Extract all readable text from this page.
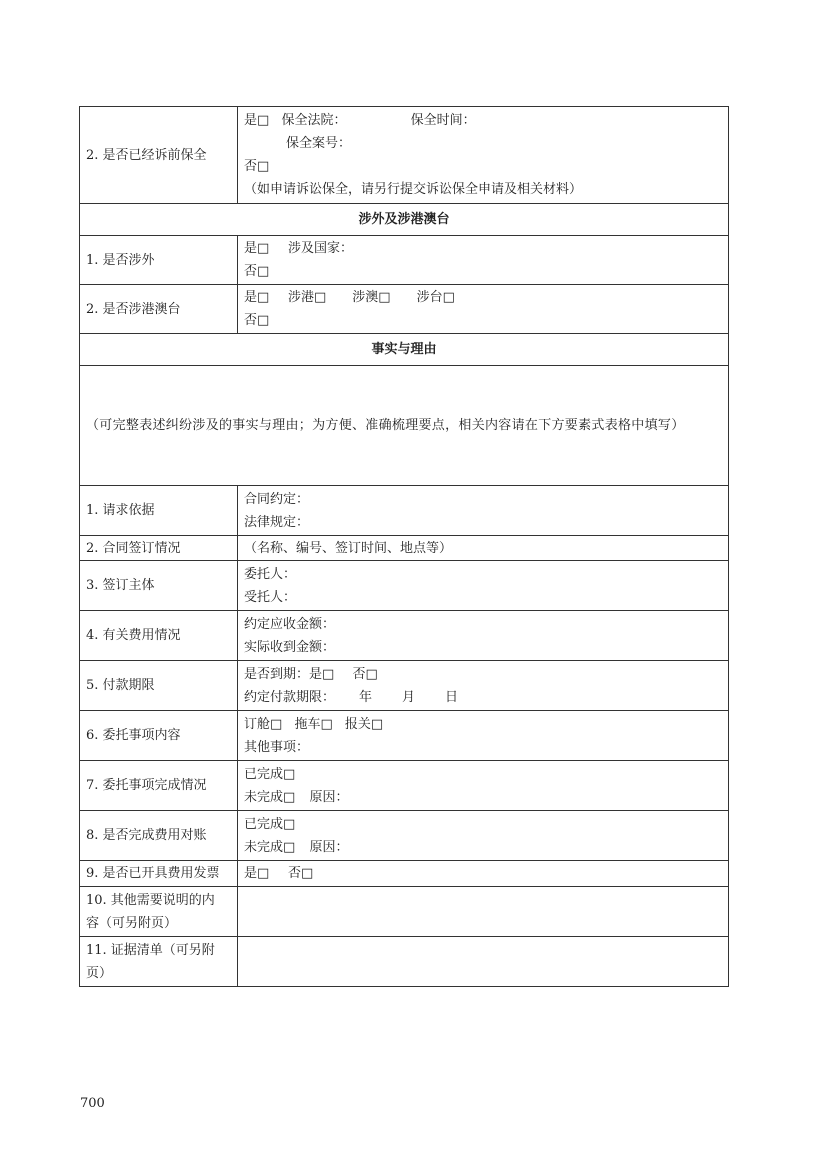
2. 是否已经诉前保全	是□ 保全法院： 保全时间：
保全案号：
否□
（如申请诉讼保全，请另行提交诉讼保全申请及相关材料）

涉外及涉港澳台	
1. 是否涉外	是□ 涉及国家：
否□

2. 是否涉港澳台	是□ 涉港□ 涉澳□ 涉台□
否□

事实与理由	
（可完整表述纠纷涉及的事实与理由；为方便、准确梳理要点，相关内容请在下方要素式表格中填写）	
1. 请求依据	合同约定：
法律规定：

2. 合同签订情况	（名称、编号、签订时间、地点等）
3. 签订主体	委托人：
受托人：

4. 有关费用情况	约定应收金额：
实际收到金额：

5. 付款期限	是否到期：是□ 否□
约定付款期限： 年 月 日

6. 委托事项内容	订舱□ 拖车□ 报关□
其他事项：

7. 委托事项完成情况	已完成□
未完成□ 原因：

8. 是否完成费用对账	已完成□
未完成□ 原因：

9. 是否已开具费用发票	是□ 否□

10. 其他需要说明的内
容（可另附页）	

11. 证据清单（可另附
页）	

700
